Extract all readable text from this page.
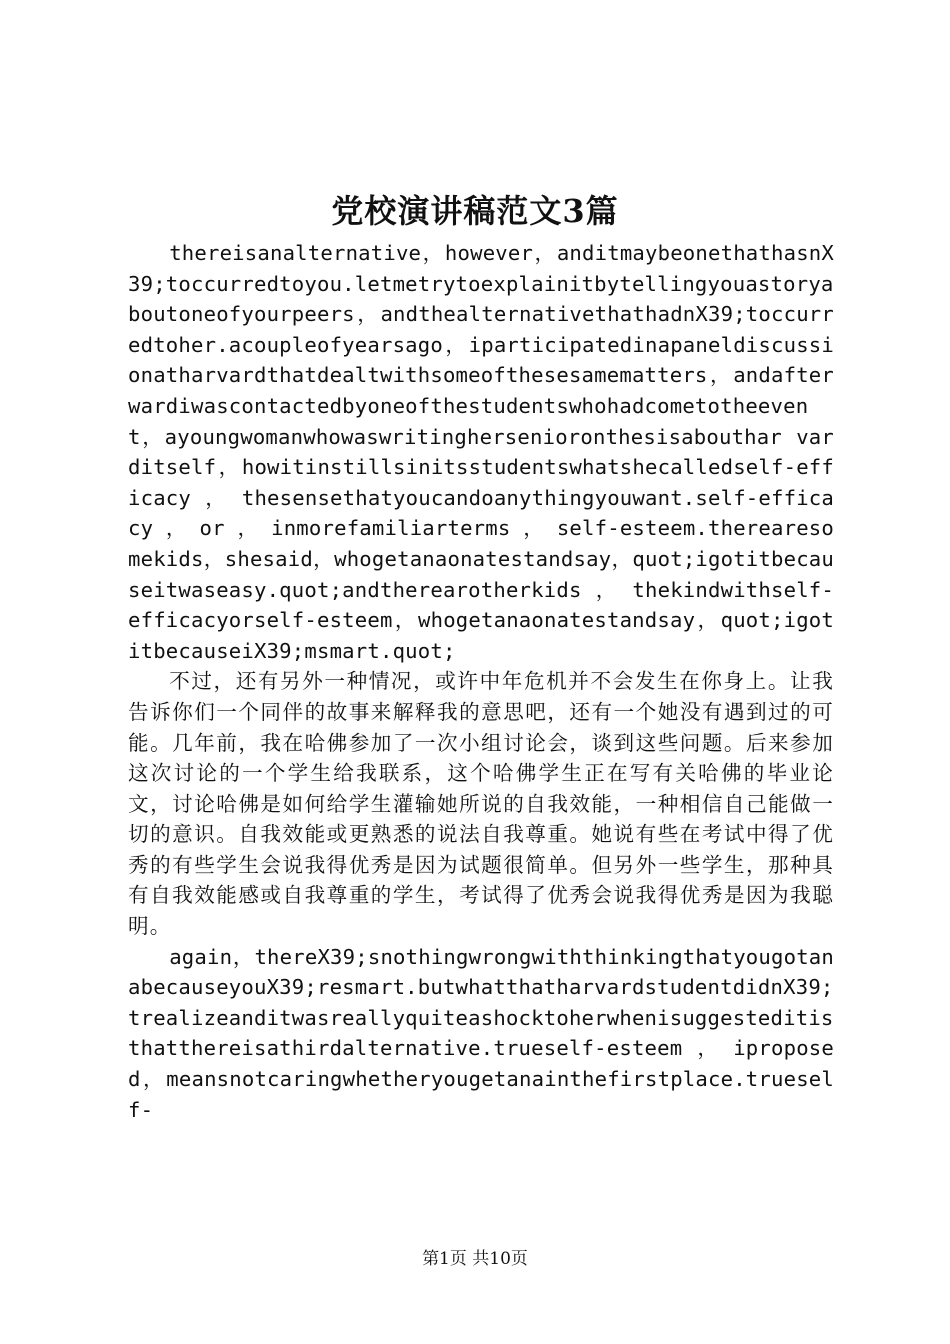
党校演讲稿范文3篇

thereisanalternative，however，anditmaybeonethathasnX39;toccurredtoyou.letmetrytoexplainitbytellingyouastoryaboutoneofyourpeers，andthealternativethathadnX39;toccurredtoher.acoupleofyearsago，iparticipatedinapaneldiscussionatharvardthatdealtwithsomeofthesesamematters，andafterwardiwascontactedbyoneofthestudentswhohadcometotheevent，ayoungwomanwhowaswritinghersenioronthesisabouthar varditself，howitinstillsinitsstudentswhatshecalledself-efficacy ， thesensethatyoucandoanythingyouwant.self-efficacy ， or ， inmorefamiliarterms ， self-esteem.therearesomekids，shesaid，whogetanaonatestandsay，quot;igotitbecauseitwaseasy.quot;andtherearotherkids ， thekindwithself-efficacyorself-esteem，whogetanaonatestandsay，quot;igotitbecauseiX39;msmart.quot;

不过，还有另外一种情况，或许中年危机并不会发生在你身上。让我告诉你们一个同伴的故事来解释我的意思吧，还有一个她没有遇到过的可能。几年前，我在哈佛参加了一次小组讨论会，谈到这些问题。后来参加这次讨论的一个学生给我联系，这个哈佛学生正在写有关哈佛的毕业论文，讨论哈佛是如何给学生灌输她所说的自我效能，一种相信自己能做一切的意识。自我效能或更熟悉的说法自我尊重。她说有些在考试中得了优秀的有些学生会说我得优秀是因为试题很简单。但另外一些学生，那种具有自我效能感或自我尊重的学生，考试得了优秀会说我得优秀是因为我聪明。

again，thereX39;snothingwrongwiththinkingthatyougotanabecauseyouX39;resmart.butwhatthatharvardstudentdidnX39;trealizeanditwasreallyquiteashocktoherwhenisuggesteditisthatthereisathirdalternative.trueself-esteem，iproposed，meansnotcaringwhetheryougetanainthefirstplace.trueself-

第1页 共10页
